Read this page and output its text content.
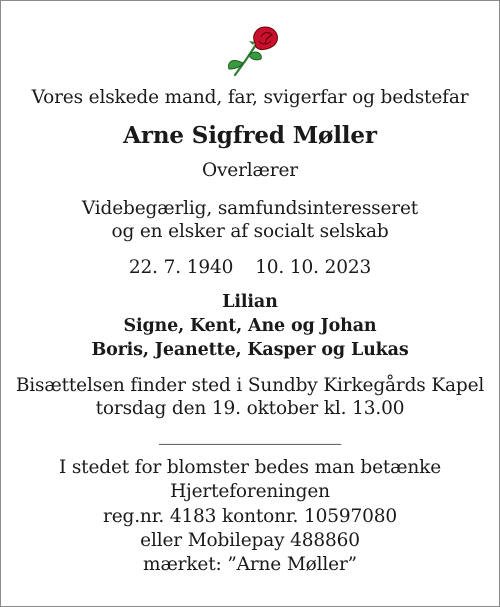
Vores elskede mand, far, svigerfar og bedstefar
Arne Sigfred Møller
Overlærer
Videbegærlig, samfundsinteresseret
og en elsker af socialt selskab
22. 7. 1940 10. 10. 2023
Lilian
Signe, Kent, Ane og Johan
Boris, Jeanette, Kasper og Lukas
Bisættelsen finder sted i Sundby Kirkegårds Kapel
torsdag den 19. oktober kl. 13.00
____________________
I stedet for blomster bedes man betænke
Hjerteforeningen
reg.nr. 4183 kontonr. 10597080
eller Mobilepay 488860
mærket: ”Arne Møller”
